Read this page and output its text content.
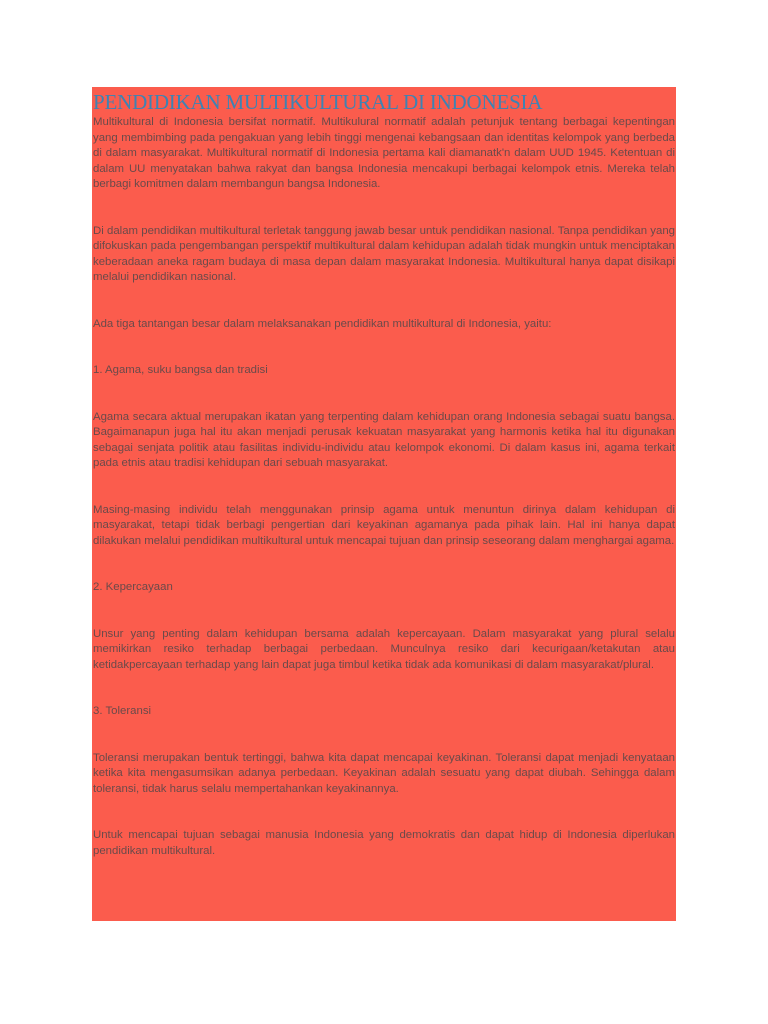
PENDIDIKAN MULTIKULTURAL DI INDONESIA

Multikultural di Indonesia bersifat normatif. Multikulural normatif adalah petunjuk tentang berbagai kepentingan yang membimbing pada pengakuan yang lebih tinggi mengenai kebangsaan dan identitas kelompok yang berbeda di dalam masyarakat. Multikultural normatif di Indonesia pertama kali diamanatk'n dalam UUD 1945. Ketentuan di dalam UU menyatakan bahwa rakyat dan bangsa Indonesia mencakupi berbagai kelompok etnis. Mereka telah berbagi komitmen dalam membangun bangsa Indonesia.

Di dalam pendidikan multikultural terletak tanggung jawab besar untuk pendidikan nasional. Tanpa pendidikan yang difokuskan pada pengembangan perspektif multikultural dalam kehidupan adalah tidak mungkin untuk menciptakan keberadaan aneka ragam budaya di masa depan dalam masyarakat Indonesia. Multikultural hanya dapat disikapi melalui pendidikan nasional.

Ada tiga tantangan besar dalam melaksanakan pendidikan multikultural di Indonesia, yaitu:

1. Agama, suku bangsa dan tradisi

Agama secara aktual merupakan ikatan yang terpenting dalam kehidupan orang Indonesia sebagai suatu bangsa. Bagaimanapun juga hal itu akan menjadi perusak kekuatan masyarakat yang harmonis ketika hal itu digunakan sebagai senjata politik atau fasilitas individu-individu atau kelompok ekonomi. Di dalam kasus ini, agama terkait pada etnis atau tradisi kehidupan dari sebuah masyarakat.

Masing-masing individu telah menggunakan prinsip agama untuk menuntun dirinya dalam kehidupan di masyarakat, tetapi tidak berbagi pengertian dari keyakinan agamanya pada pihak lain. Hal ini hanya dapat dilakukan melalui pendidikan multikultural untuk mencapai tujuan dan prinsip seseorang dalam menghargai agama.

2. Kepercayaan

Unsur yang penting dalam kehidupan bersama adalah kepercayaan. Dalam masyarakat yang plural selalu memikirkan resiko terhadap berbagai perbedaan. Munculnya resiko dari kecurigaan/ketakutan atau ketidakpercayaan terhadap yang lain dapat juga timbul ketika tidak ada komunikasi di dalam masyarakat/plural.

3. Toleransi

Toleransi merupakan bentuk tertinggi, bahwa kita dapat mencapai keyakinan. Toleransi dapat menjadi kenyataan ketika kita mengasumsikan adanya perbedaan. Keyakinan adalah sesuatu yang dapat diubah. Sehingga dalam toleransi, tidak harus selalu mempertahankan keyakinannya.

Untuk mencapai tujuan sebagai manusia Indonesia yang demokratis dan dapat hidup di Indonesia diperlukan pendidikan multikultural.
